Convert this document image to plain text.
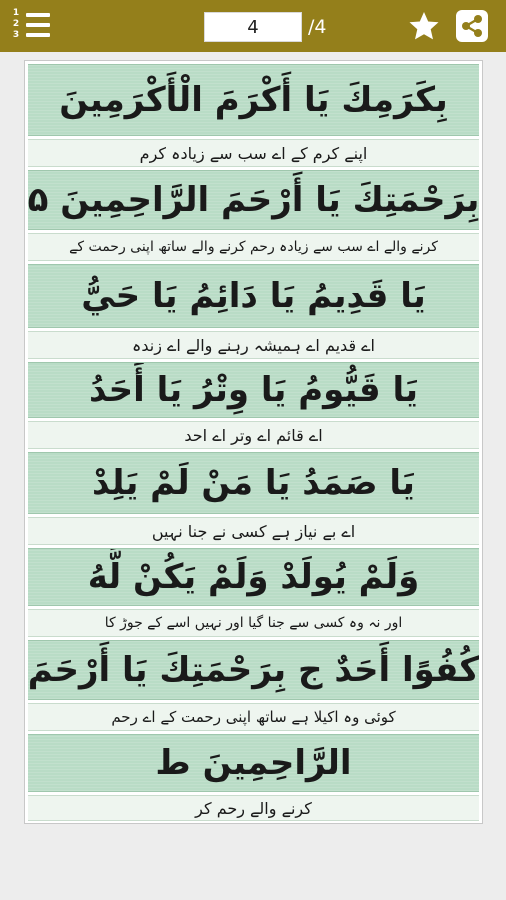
1
2
3
4	/4
بِكَرَمِكَ يَا أَكْرَمَ الْأَكْرَمِينَ
اپنے کرم کے اے سب سے زیادہ کرم
بِرَحْمَتِكَ يَا أَرْحَمَ الرَّاحِمِينَ ۵
کرنے والے اے سب سے زیادہ رحم کرنے والے ساتھ اپنی رحمت کے
يَا قَدِيمُ يَا دَائِمُ يَا حَيُّ
اے قدیم اے ہمیشہ رہنے والے اے زندہ
يَا قَيُّومُ يَا وِتْرُ يَا أَحَدُ
اے قائم اے وتر اے احد
يَا صَمَدُ يَا مَنْ لَمْ يَلِدْ
اے بے نیاز ہے کسی نے جنا نہیں
وَلَمْ يُولَدْ وَلَمْ يَكُنْ لَّهُ
اور نہ وہ کسی سے جنا گیا اور نہیں اسے کے جوڑ کا
كُفُوًا أَحَدٌ ج بِرَحْمَتِكَ يَا أَرْحَمَ
کوئی وہ اکیلا ہے ساتھ اپنی رحمت کے اے رحم
الرَّاحِمِينَ ط
کرنے والے رحم کر
